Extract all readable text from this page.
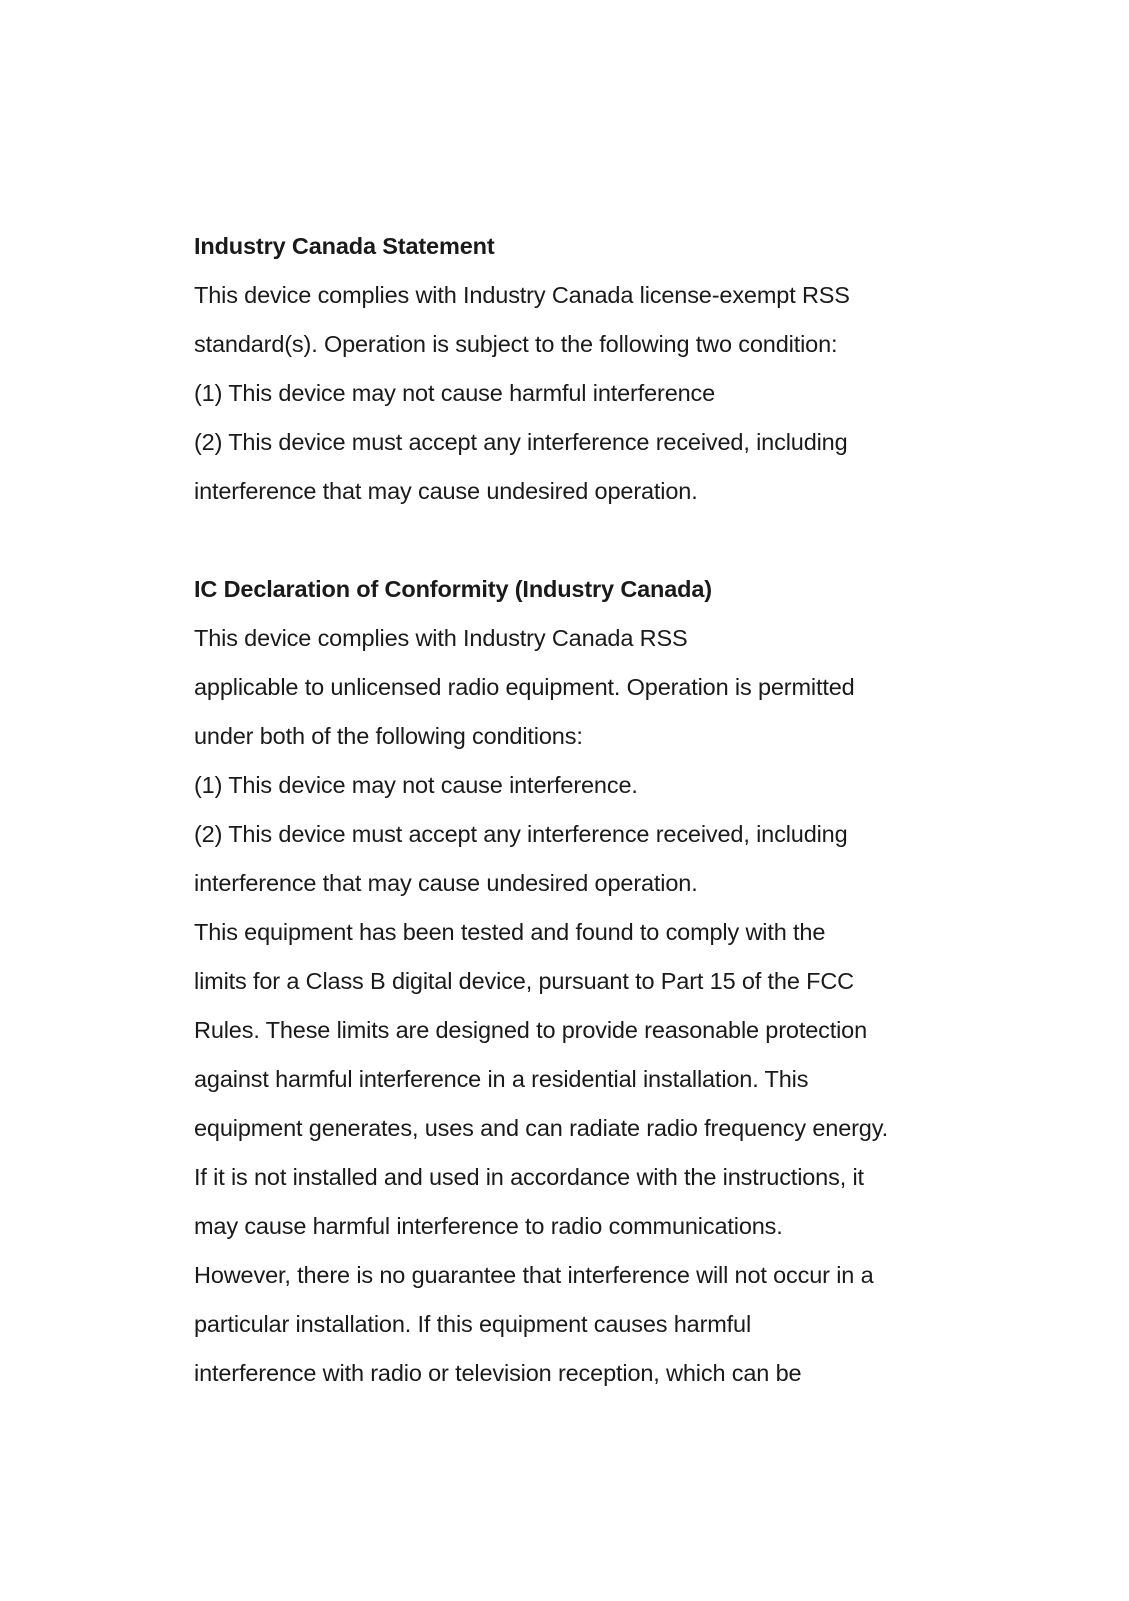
Industry Canada Statement
This device complies with Industry Canada license-exempt RSS
standard(s). Operation is subject to the following two condition:
(1) This device may not cause harmful interference
(2) This device must accept any interference received, including
interference that may cause undesired operation.
IC Declaration of Conformity (Industry Canada)
This device complies with Industry Canada RSS
applicable to unlicensed radio equipment. Operation is permitted
under both of the following conditions:
(1) This device may not cause interference.
(2) This device must accept any interference received, including
interference that may cause undesired operation.
This equipment has been tested and found to comply with the
limits for a Class B digital device, pursuant to Part 15 of the FCC
Rules. These limits are designed to provide reasonable protection
against harmful interference in a residential installation. This
equipment generates, uses and can radiate radio frequency energy.
If it is not installed and used in accordance with the instructions, it
may cause harmful interference to radio communications.
However, there is no guarantee that interference will not occur in a
particular installation. If this equipment causes harmful
interference with radio or television reception, which can be
